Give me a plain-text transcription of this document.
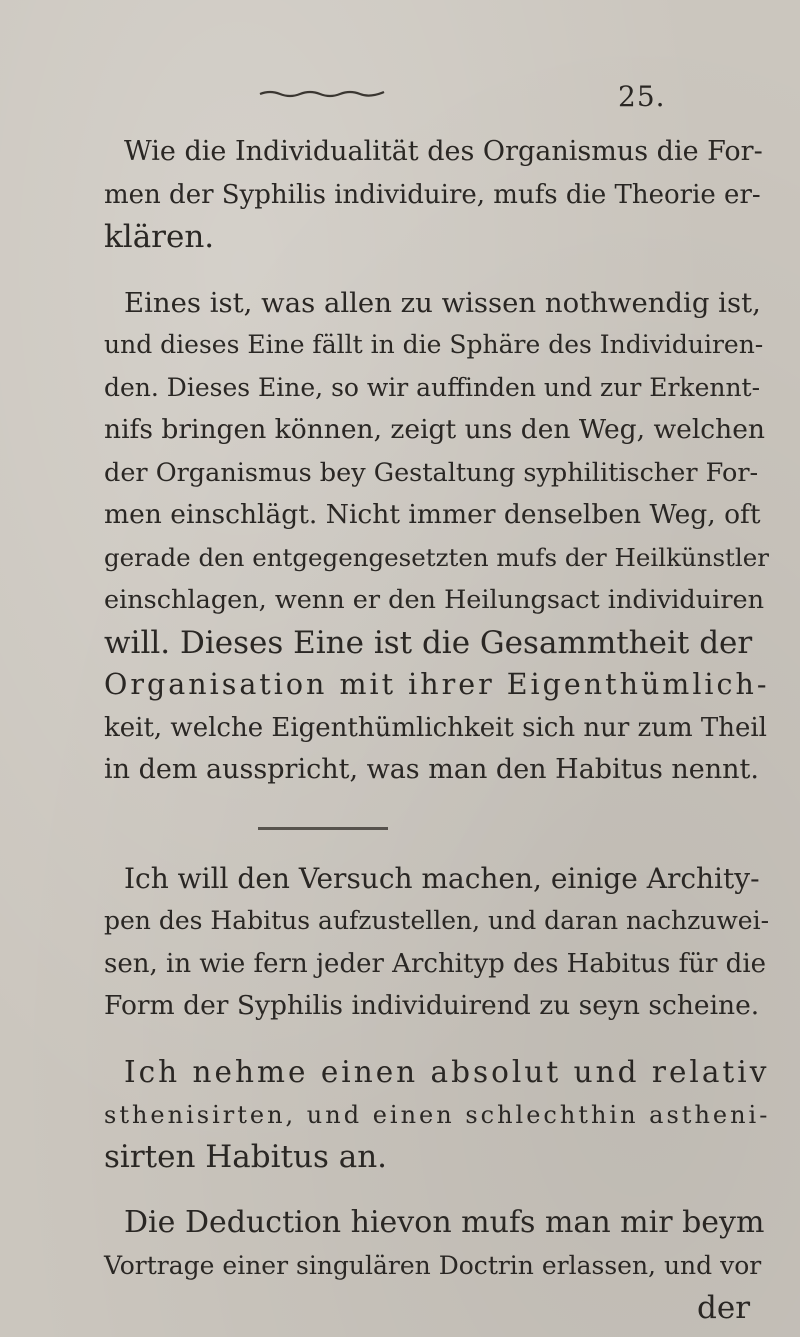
25.
Wie die Individualität des Organismus die For-
men der Syphilis individuire, mufs die Theorie er-
klären.
Eines ist, was allen zu wissen nothwendig ist,
und dieses Eine fällt in die Sphäre des Individuiren-
den. Dieses Eine, so wir auffinden und zur Erkennt-
nifs bringen können, zeigt uns den Weg, welchen
der Organismus bey Gestaltung syphilitischer For-
men einschlägt. Nicht immer denselben Weg, oft
gerade den entgegengesetzten mufs der Heilkünstler
einschlagen, wenn er den Heilungsact individuiren
will. Dieses Eine ist die Gesammtheit der
Organisation mit ihrer Eigenthümlich-
keit, welche Eigenthümlichkeit sich nur zum Theil
in dem ausspricht, was man den Habitus nennt.
Ich will den Versuch machen, einige Archity-
pen des Habitus aufzustellen, und daran nachzuwei-
sen, in wie fern jeder Archityp des Habitus für die
Form der Syphilis individuirend zu seyn scheine.
Ich nehme einen absolut und relativ
sthenisirten, und einen schlechthin astheni-
sirten Habitus an.
Die Deduction hievon mufs man mir beym
Vortrage einer singulären Doctrin erlassen, und vor
der
